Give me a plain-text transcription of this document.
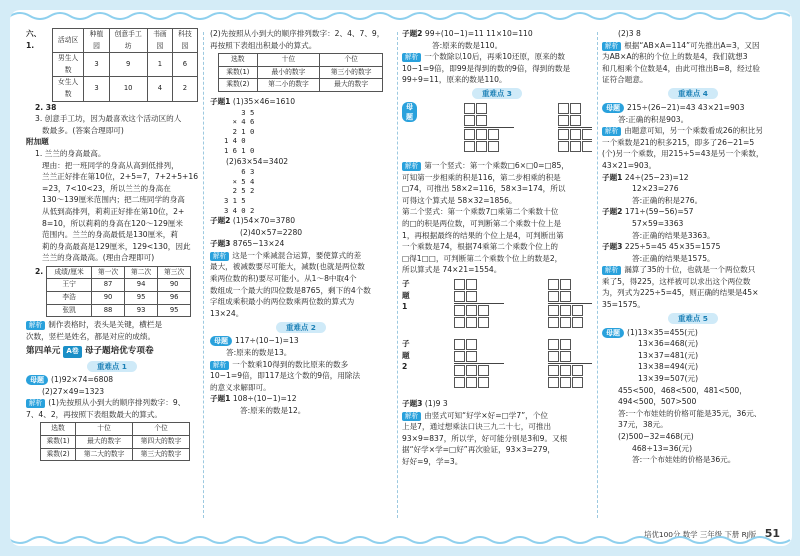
六、1.
活动区	种植园	创意手工坊	书画园	科技园
男生人数	3	9	1	6
女生人数	3	10	4	2
2. 38
3. 创意手工坊，因为最喜欢这个活动区的人
数最多。(答案合理即可)
附加题
1. 兰兰的身高最高。
理由：把一班同学的身高从高到低排列，
兰兰正好排在第10位，2+5=7，7+2+5+16
=23，7<10<23，所以兰兰的身高在
130～139厘米范围内；把二班同学的身高
从低到高排列，莉莉正好排在第10位，2+
8=10，所以莉莉的身高在120～129厘米
范围内。兰兰的身高最低是130厘米，莉
莉的身高最高是129厘米，129<130，因此
兰兰的身高最高。(理由合理即可)
2. 成绩/厘米	第一次	第二次	第三次
王宁	87	94	90
李浩	90	95	96
张凯	88	93	95
解析 制作表格时，表头是关键，横栏是
次数，竖栏是姓名，都是对应的成绩。
第四单元 A卷 母子题培优专项卷
重难点 1
母题 (1)92×74=6808
(2)27×49=1323
解析 (1)先按照从小到大的顺序排列数字：9、
7、4、2，再按照下表组数最大的算式。
选数	十位	个位
乘数(1)	最大的数字	第四大的数字
乘数(2)	第二大的数字	第三大的数字
(2)先按照从小到大的顺序排列数字：2、4、7、9，
再按照下表组出积最小的算式。
选数	十位	个位
乘数(1)	最小的数字	第三小的数字
乘数(2)	第二小的数字	最大的数字
子题1 (1)35×46=1610
3 5
× 4 6
2 1 0
1 4 0
1 6 1 0
(2)63×54=3402
6 3
× 5 4
2 5 2
3 1 5
3 4 0 2
子题2 (1)54×70=3780
(2)40×57=2280
子题3 8765−13×24
解析 这是一个乘减混合运算，要使算式的差
最大，被减数要尽可能大，减数(也就是两位数
乘两位数的积)要尽可能小。从1～8中取4个
数组成一个最大的四位数是8765，剩下的4个数
字组成乘积最小的两位数乘两位数的算式为
13×24。
重难点 2
母题 117÷(10−1)=13
答:原来的数是13。
解析 一个数乘10得到的数比原来的数多
10−1=9倍，即117是这个数的9倍，用除法
的意义求解即可。
子题1 108÷(10−1)=12
答:原来的数是12。
子题2 99÷(10−1)=11 11×10=110
答:原来的数是110。
解析 一个数除以10后，再乘10还原，原来的数
10−1=9倍，即99是得到的数的9倍，得到的数是
99÷9=11，原来的数是110。
重难点 3
母题
解析 第一个竖式：第一个乘数□6×□0=□85，
可知第一步相乘的积是116，第二步相乘的积是
□74，可推出 58×2=116，58×3=174，所以
可得这个算式是 58×32=1856。
第二个竖式：第一个乘数7□乘第二个乘数十位
的□的积是两位数，可判断第二个乘数十位上是
1，再根据最终的结果的个位上是4，可判断出第
一个乘数是74，根据74乘第二个乘数个位上的
□得1□□，可判断第二个乘数个位上的数是2，
所以算式是 74×21=1554。
子题1
子题2
子题3 (1)9 3
解析 由竖式可知“好学×好=□学7”，个位
上是7，通过想乘法口诀三九二十七，可推出
93×9=837，所以学，好可能分别是3和9。又根
据“好学×学=□好”再次验证，93×3=279，
好好=9，学=3。
(2)3 8
解析 根据“AB×A=114”可先推出A=3，又因
为AB×A的积的个位上的数是4，我们就想3
和几相乘个位数是4，由此可推出B=8，经过验
证符合题意。
重难点 4
母题 215÷(26−21)=43 43×21=903
答:正确的积是903。
解析 由题意可知，另一个乘数看成26的积比另
一个乘数是21的积多215，即多了26−21=5
(个)另一个乘数，用215÷5=43是另一个乘数，
43×21=903。
子题1 24÷(25−23)=12
12×23=276
答:正确的积是276。
子题2 171÷(59−56)=57
57×59=3363
答:正确的结果是3363。
子题3 225÷5=45 45×35=1575
答:正确的结果是1575。
解析 漏算了35的十位，也就是一个两位数只
乘了5，得225，这样被可以求出这个两位数
为，列式为225÷5=45，则正确的结果是45×
35=1575。
重难点 5
母题 (1)13×35=455(元)
13×36=468(元)
13×37=481(元)
13×38=494(元)
13×39=507(元)
455<500，468<500，481<500，
494<500，507>500
答:一个布娃娃的价格可能是35元，36元、
37元，38元。
(2)500−32=468(元)
468÷13=36(元)
答:一个布娃娃的价格是36元。
培优100分 数学 三年级 下册 RJ版 51
